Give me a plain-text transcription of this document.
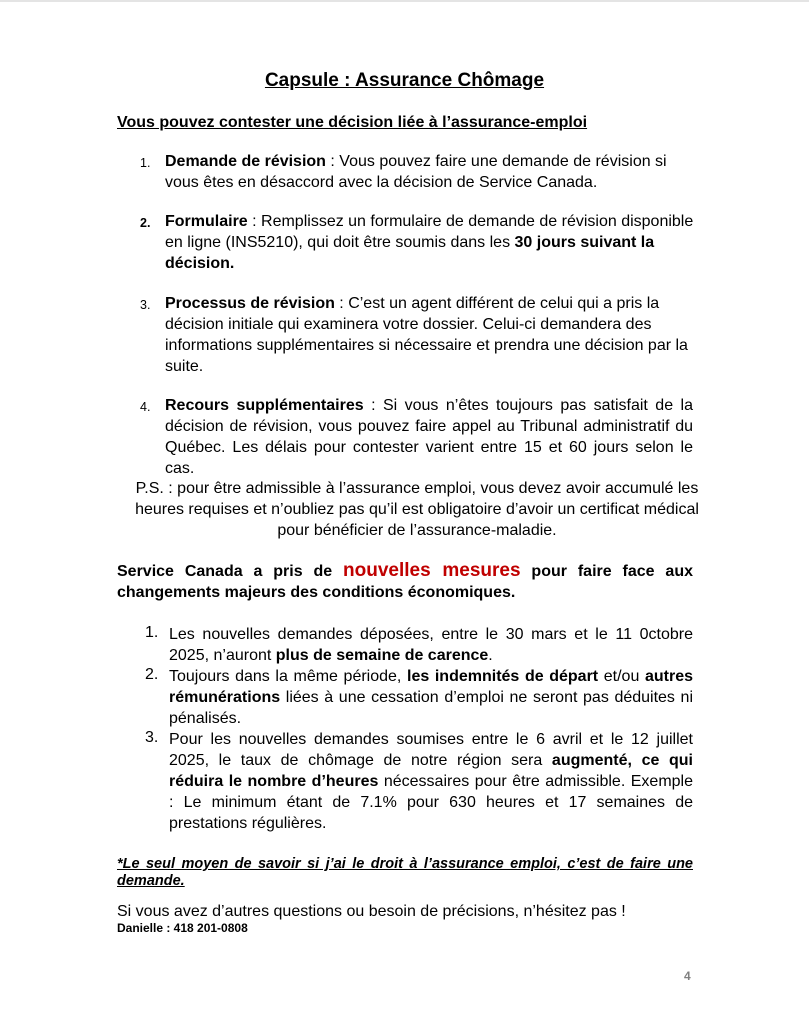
Capsule : Assurance Chômage
Vous pouvez contester une décision liée à l’assurance-emploi
1. Demande de révision : Vous pouvez faire une demande de révision si vous êtes en désaccord avec la décision de Service Canada.
2. Formulaire : Remplissez un formulaire de demande de révision disponible en ligne (INS5210), qui doit être soumis dans les 30 jours suivant la décision.
3. Processus de révision : C’est un agent différent de celui qui a pris la décision initiale qui examinera votre dossier. Celui-ci demandera des informations supplémentaires si nécessaire et prendra une décision par la suite.
4. Recours supplémentaires : Si vous n’êtes toujours pas satisfait de la décision de révision, vous pouvez faire appel au Tribunal administratif du Québec. Les délais pour contester varient entre 15 et 60 jours selon le cas.
P.S. : pour être admissible à l’assurance emploi, vous devez avoir accumulé les heures requises et n’oubliez pas qu’il est obligatoire d’avoir un certificat médical pour bénéficier de l’assurance-maladie.
Service Canada a pris de nouvelles mesures pour faire face aux changements majeurs des conditions économiques.
1. Les nouvelles demandes déposées, entre le 30 mars et le 11 0ctobre 2025, n’auront plus de semaine de carence.
2. Toujours dans la même période, les indemnités de départ et/ou autres rémunérations liées à une cessation d’emploi ne seront pas déduites ni pénalisés.
3. Pour les nouvelles demandes soumises entre le 6 avril et le 12 juillet 2025, le taux de chômage de notre région sera augmenté, ce qui réduira le nombre d’heures nécessaires pour être admissible. Exemple : Le minimum étant de 7.1% pour 630 heures et 17 semaines de prestations régulières.
*Le seul moyen de savoir si j’ai le droit à l’assurance emploi, c’est de faire une demande.
Si vous avez d’autres questions ou besoin de précisions, n’hésitez pas !
Danielle : 418 201-0808
4
